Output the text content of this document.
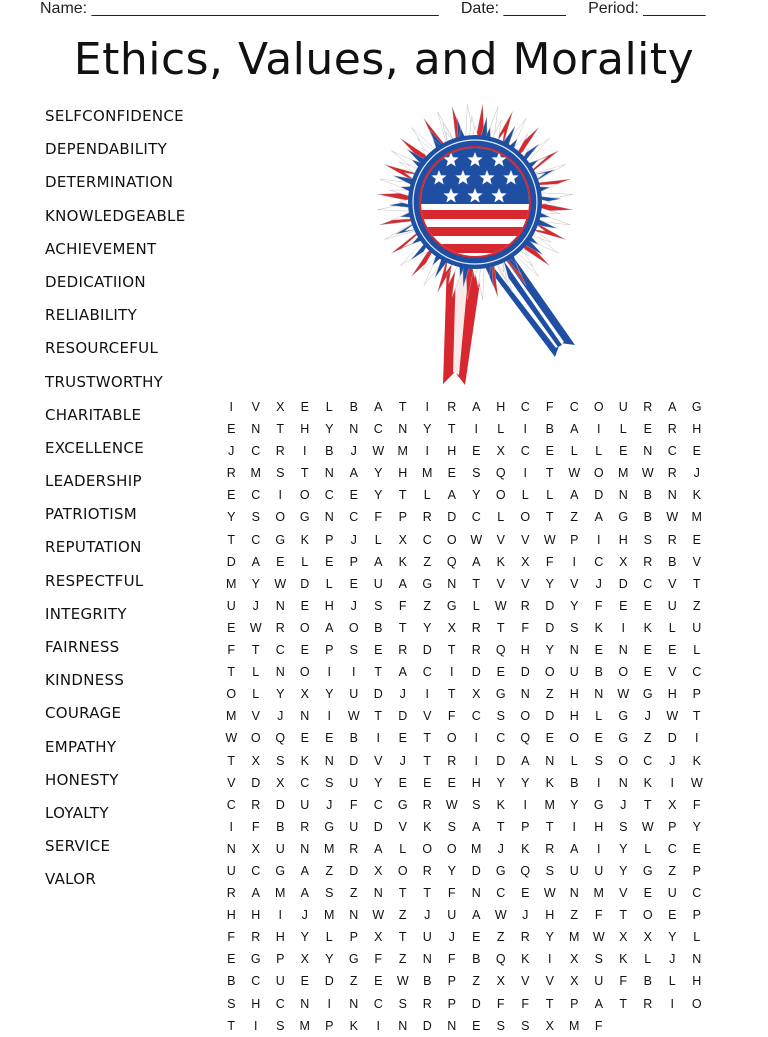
Name: _______________________________________ Date: _______ Period: _______
Ethics, Values, and Morality
SELFCONFIDENCE
DEPENDABILITY
DETERMINATION
KNOWLEDGEABLE
ACHIEVEMENT
DEDICATIION
RELIABILITY
RESOURCEFUL
TRUSTWORTHY
CHARITABLE
EXCELLENCE
LEADERSHIP
PATRIOTISM
REPUTATION
RESPECTFUL
INTEGRITY
FAIRNESS
KINDNESS
COURAGE
EMPATHY
HONESTY
LOYALTY
SERVICE
VALOR
I	V	X	E	L	B	A	T	I	R	A	H	C	F	C	O	U	R	A	G
E	N	T	H	Y	N	C	N	Y	T	I	L	I	B	A	I	L	E	R	H
J	C	R	I	B	J	W	M	I	H	E	X	C	E	L	L	E	N	C	E
R	M	S	T	N	A	Y	H	M	E	S	Q	I	T	W	O	M	W	R	J
E	C	I	O	C	E	Y	T	L	A	Y	O	L	L	A	D	N	B	N	K
Y	S	O	G	N	C	F	P	R	D	C	L	O	T	Z	A	G	B	W	M
T	C	G	K	P	J	L	X	C	O	W	V	V	W	P	I	H	S	R	E
D	A	E	L	E	P	A	K	Z	Q	A	K	X	F	I	C	X	R	B	V
M	Y	W	D	L	E	U	A	G	N	T	V	V	Y	V	J	D	C	V	T
U	J	N	E	H	J	S	F	Z	G	L	W	R	D	Y	F	E	E	U	Z
E	W	R	O	A	O	B	T	Y	X	R	T	F	D	S	K	I	K	L	U
F	T	C	E	P	S	E	R	D	T	R	Q	H	Y	N	E	N	E	E	L
T	L	N	O	I	I	T	A	C	I	D	E	D	O	U	B	O	E	V	C
O	L	Y	X	Y	U	D	J	I	T	X	G	N	Z	H	N	W	G	H	P
M	V	J	N	I	W	T	D	V	F	C	S	O	D	H	L	G	J	W	T
W	O	Q	E	E	B	I	E	T	O	I	C	Q	E	O	E	G	Z	D	I
T	X	S	K	N	D	V	J	T	R	I	D	A	N	L	S	O	C	J	K
V	D	X	C	S	U	Y	E	E	E	H	Y	Y	K	B	I	N	K	I	W
C	R	D	U	J	F	C	G	R	W	S	K	I	M	Y	G	J	T	X	F
I	F	B	R	G	U	D	V	K	S	A	T	P	T	I	H	S	W	P	Y
N	X	U	N	M	R	A	L	O	O	M	J	K	R	A	I	Y	L	C	E
U	C	G	A	Z	D	X	O	R	Y	D	G	Q	S	U	U	Y	G	Z	P
R	A	M	A	S	Z	N	T	T	F	N	C	E	W	N	M	V	E	U	C
H	H	I	J	M	N	W	Z	J	U	A	W	J	H	Z	F	T	O	E	P
F	R	H	Y	L	P	X	T	U	J	E	Z	R	Y	M	W	X	X	Y	L
E	G	P	X	Y	G	F	Z	N	F	B	Q	K	I	X	S	K	L	J	N
B	C	U	E	D	Z	E	W	B	P	Z	X	V	V	X	U	F	B	L	H
S	H	C	N	I	N	C	S	R	P	D	F	F	T	P	A	T	R	I	O
T	I	S	M	P	K	I	N	D	N	E	S	S	X	M	F
